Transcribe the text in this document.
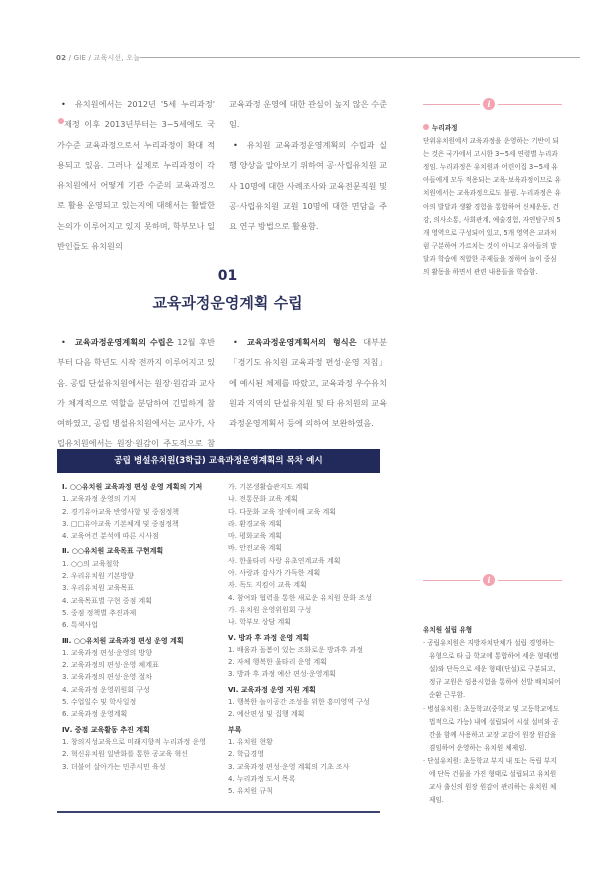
02 / GIE / 교육시선, 오늘
• 유치원에서는 2012년 '5세 누리과정'제정 이후 2013년부터는 3~5세에도 국가수준 교육과정으로서 누리과정이 확대 적용되고 있음. 그러나 실제로 누리과정이 각 유치원에서 어떻게 기관 수준의 교육과정으로 활용 운영되고 있는지에 대해서는 활발한 논의가 이루어지고 있지 못하며, 학부모나 일반인들도 유치원의
교육과정 운영에 대한 관심이 높지 않은 수준임.
• 유치원 교육과정운영계획의 수립과 실행 양상을 알아보기 위하여 공·사립유치원 교사 10명에 대한 사례조사와 교육전문직원 및 공·사립유치원 교원 10명에 대한 면담을 주요 연구 방법으로 활용함.
i
누리과정
단위유치원에서 교육과정을 운영하는 기반이 되는 것은 국가에서 고시한 3~5세 연령별 누리과정임. 누리과정은 유치원과 어린이집 3~5세 유아들에게 모두 적용되는 교육·보육과정이므로 유치원에서는 교육과정으로도 불림. 누리과정은 유아의 발달과 생활 경험을 통합하여 신체운동, 건강, 의사소통, 사회관계, 예술경험, 자연탐구의 5개 영역으로 구성되어 있고, 5개 영역은 교과처럼 구분하여 가르치는 것이 아니고 유아들의 발달과 학습에 적합한 주제들을 정하여 놀이 중심의 활동을 하면서 관련 내용들을 학습함.
01
교육과정운영계획 수립
• 교육과정운영계획의 수립은 12월 후반부터 다음 학년도 시작 전까지 이루어지고 있음. 공립 단설유치원에서는 원장·원감과 교사가 체계적으로 역할을 분담하여 긴밀하게 참여하였고, 공립 병설유치원에서는 교사가, 사립유치원에서는 원장·원감이 주도적으로 참
• 교육과정운영계획서의 형식은 대부분 「경기도 유치원 교육과정 편성·운영 지침」에 예시된 체제를 따랐고, 교육과정 우수유치원과 지역의 단설유치원 및 타 유치원의 교육과정운영계획서 등에 의하여 보완하였음.
공립 병설유치원(3학급) 교육과정운영계획의 목차 예시
Ⅰ. ○○유치원 교육과정 편성 운영 계획의 기저
1. 교육과정 운영의 기저
2. 경기유아교육 반영사항 및 중점정책
3. □□유아교육 기본체계 및 중점정책
4. 교육여건 분석에 따른 시사점
Ⅱ. ○○유치원 교육목표 구현계획
1. ○○의 교육철학
2. 우리유치원 기본방향
3. 우리유치원 교육목표
4. 교육목표별 구현 중점 계획
5. 중점 정책별 추진과제
6. 특색사업
Ⅲ. ○○유치원 교육과정 편성 운영 계획
1. 교육과정 편성·운영의 방향
2. 교육과정의 편성·운영 체계표
3. 교육과정의 편성·운영 절차
4. 교육과정 운영위원회 구성
5. 수업일수 및 학사일정
6. 교육과정 운영계획
Ⅳ. 중점 교육활동 추진 계획
1. 창의지성교육으로 미래지향적 누리과정 운영
2. 혁신유치원 일반화를 통한 공교육 혁신
3. 더불어 살아가는 민주시민 육성
가. 기본생활습관지도 계획
나. 전통문화 교육 계획
다. 다문화 교육 장애이해 교육 계획
라. 환경교육 계획
마. 평화교육 계획
바. 안전교육 계획
사. 한울타리 사랑 유초연계교육 계획
아. 사랑과 감사가 가득한 계획
자. 독도 지킴이 교육 계획
4. 참여와 협력을 통한 새로운 유치원 문화 조성
가. 유치원 운영위원회 구성
나. 학부모 상담 계획
Ⅴ. 방과 후 과정 운영 계획
1. 배움과 돌봄이 있는 조화로운 방과후 과정
2. 자체 행복한 울타리 운영 계획
3. 방과 후 과정 예산 편성·운영계획
Ⅵ. 교육과정 운영 지원 계획
1. 행복한 놀이공간 조성을 위한 흥미영역 구성
2. 예산편성 및 집행 계획
부록
1. 유치원 현황
2. 학급경영
3. 교육과정 편성·운영 계획의 기초 조사
4. 누리과정 도서 목록
5. 유치원 규칙
i
유치원 설립 유형
· 공립유치원은 지방자치단체가 설립 경영하는 유형으로 타 급 학교에 통합하여 세운 형태(병설)와 단독으로 세운 형태(단설)로 구분되고, 정규 교원은 임용시험을 통하여 선발 배치되어 순환 근무함.
· 병설유치원: 초등학교(중학교 및 고등학교에도 법적으로 가능) 내에 설립되어 시설 설비와 공간을 함께 사용하고 교장 교감이 원장 원감을 겸임하여 운영하는 유치원 체제임.
· 단설유치원: 초등학교 부지 내 또는 독립 부지에 단독 건물을 가진 형태로 설립되고 유치원 교사 출신의 원장 원감이 관리하는 유치원 체제임.
